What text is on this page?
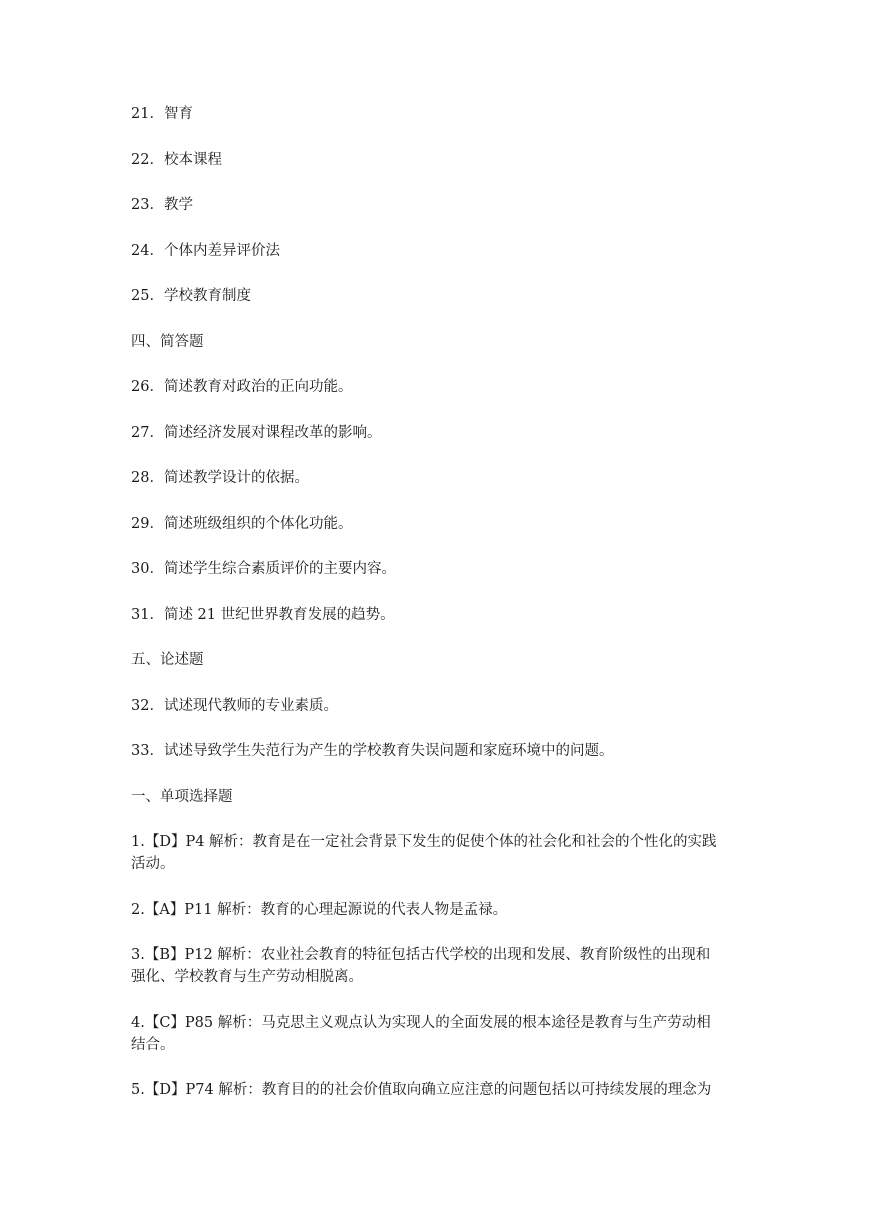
21．智育
22．校本课程
23．教学
24．个体内差异评价法
25．学校教育制度
四、简答题
26．简述教育对政治的正向功能。
27．简述经济发展对课程改革的影响。
28．简述教学设计的依据。
29．简述班级组织的个体化功能。
30．简述学生综合素质评价的主要内容。
31．简述 21 世纪世界教育发展的趋势。
五、论述题
32．试述现代教师的专业素质。
33．试述导致学生失范行为产生的学校教育失误问题和家庭环境中的问题。
一、单项选择题
1.【D】P4 解析：教育是在一定社会背景下发生的促使个体的社会化和社会的个性化的实践
活动。
2.【A】P11 解析：教育的心理起源说的代表人物是孟禄。
3.【B】P12 解析：农业社会教育的特征包括古代学校的出现和发展、教育阶级性的出现和
强化、学校教育与生产劳动相脱离。
4.【C】P85 解析：马克思主义观点认为实现人的全面发展的根本途径是教育与生产劳动相
结合。
5.【D】P74 解析：教育目的的社会价值取向确立应注意的问题包括以可持续发展的理念为
